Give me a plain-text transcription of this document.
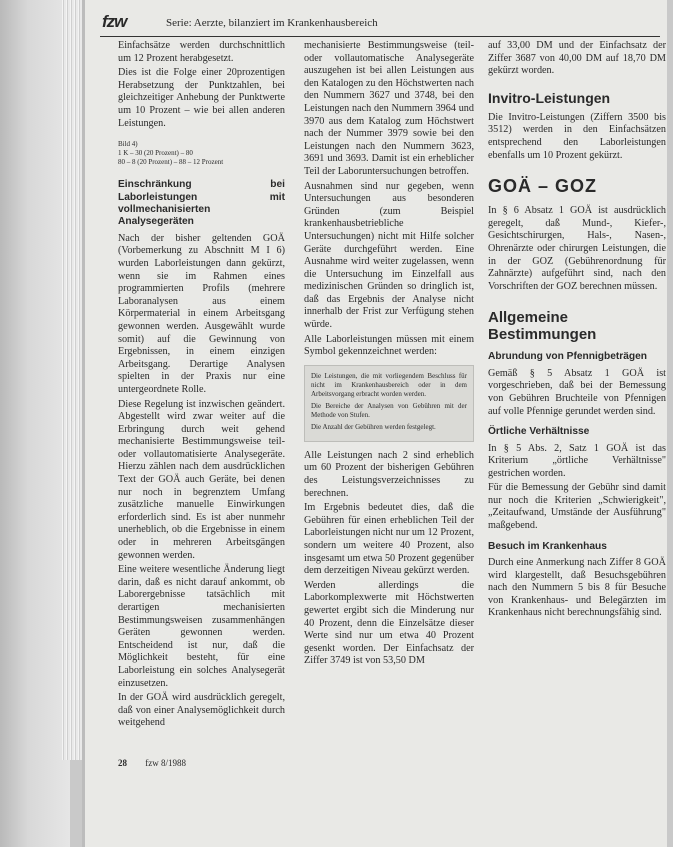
fzw	Serie: Aerzte, bilanziert im Krankenhausbereich

Einfachsätze werden durchschnittlich um 12 Prozent herabgesetzt.

Dies ist die Folge einer 20prozentigen Herabsetzung der Punktzahlen, bei gleichzeitiger Anhebung der Punktwerte um 10 Prozent – wie bei allen anderen Leistungen.

Bild 4)
1 K – 30 (20 Prozent) – 80
80 – 8 (20 Prozent) – 88 – 12 Prozent
Einschränkung bei Laborleistungen mit vollmechanisierten Analysegeräten

Nach der bisher geltenden GOÄ (Vorbemerkung zu Abschnitt M I 6) wurden Laborleistungen dann gekürzt, wenn sie im Rahmen eines programmierten Profils (mehrere Laboranalysen aus einem Körpermaterial in einem Arbeitsgang gewonnen werden. Ausgewählt wurde somit) auf die Gewinnung von Ergebnissen, in einem einzigen Arbeitsgang. Derartige Analysen spielten in der Praxis nur eine untergeordnete Rolle.

Diese Regelung ist inzwischen geändert. Abgestellt wird zwar weiter auf die Erbringung durch weit gehend mechanisierte Bestimmungsweise teil- oder vollautomatisierte Analysegeräte. Hierzu zählen nach dem ausdrücklichen Text der GOÄ auch Geräte, bei denen nur noch in begrenztem Umfang zusätzliche manuelle Einwirkungen erforderlich sind. Es ist aber nunmehr unerheblich, ob die Ergebnisse in einem oder in mehreren Arbeitsgängen gewonnen werden.

Eine weitere wesentliche Änderung liegt darin, daß es nicht darauf ankommt, ob Laborergebnisse tatsächlich mit derartigen mechanisierten Bestimmungsweisen zusammenhängen Geräten gewonnen werden. Entscheidend ist nur, daß die Möglichkeit besteht, für eine Laborleistung ein solches Analysegerät einzusetzen.

In der GOÄ wird ausdrücklich geregelt, daß von einer Analysemöglichkeit durch weitgehend

mechanisierte Bestimmungsweise (teil- oder vollautomatische Analysegeräte auszugehen ist bei allen Leistungen aus den Katalogen zu den Höchstwerten nach den Nummern 3627 und 3748, bei den Leistungen nach den Nummern 3964 und 3970 aus dem Katalog zum Höchstwert nach der Nummer 3979 sowie bei den Leistungen nach den Nummern 3623, 3691 und 3693. Damit ist ein erheblicher Teil der Laboruntersuchungen betroffen.

Ausnahmen sind nur gegeben, wenn Untersuchungen aus besonderen Gründen (zum Beispiel krankenhausbetriebliche Untersuchungen) nicht mit Hilfe solcher Geräte durchgeführt werden. Eine Ausnahme wird weiter zugelassen, wenn die Untersuchung im Einzelfall aus medizinischen Gründen so dringlich ist, daß das Ergebnis der Analyse nicht innerhalb der Frist zur Verfügung stehen würde.

Alle Laborleistungen müssen mit einem Symbol gekennzeichnet werden:

Die Leistungen, die mit vorliegendem Beschluss für nicht im Krankenhausbereich oder in dem Arbeitsvorgang erbracht worden werden.

Die Bereiche der Analysen von Gebühren mit der Methode von Stufen.

Die Anzahl der Gebühren werden festgelegt.

Alle Leistungen nach 2 sind erheblich um 60 Prozent der bisherigen Gebühren des Leistungsverzeichnisses zu berechnen.

Im Ergebnis bedeutet dies, daß die Gebühren für einen erheblichen Teil der Laborleistungen nicht nur um 12 Prozent, sondern um weitere 40 Prozent, also insgesamt um etwa 50 Prozent gegenüber dem derzeitigen Niveau gekürzt werden.

Werden allerdings die Laborkomplexwerte mit Höchstwerten gewertet ergibt sich die Minderung nur 40 Prozent, denn die Einzelsätze dieser Werte sind nur um etwa 40 Prozent gesenkt worden. Der Einfachsatz der Ziffer 3749 ist von 53,50 DM

auf 33,00 DM und der Einfachsatz der Ziffer 3687 von 40,00 DM auf 18,70 DM gekürzt worden.

Invitro-Leistungen

Die Invitro-Leistungen (Ziffern 3500 bis 3512) werden in den Einfachsätzen entsprechend den Laborleistungen ebenfalls um 10 Prozent gekürzt.

GOÄ – GOZ

In § 6 Absatz 1 GOÄ ist ausdrücklich geregelt, daß Mund-, Kiefer-, Gesichtschirurgen, Hals-, Nasen-, Ohrenärzte oder chirurgen Leistungen, die in der GOZ (Gebührenordnung für Zahnärzte) aufgeführt sind, nach den Vorschriften der GOZ berechnen müssen.

Allgemeine Bestimmungen
Abrundung von Pfennigbeträgen

Gemäß § 5 Absatz 1 GOÄ ist vorgeschrieben, daß bei der Bemessung von Gebühren Bruchteile von Pfennigen auf volle Pfennige gerundet werden sind.

Örtliche Verhältnisse

In § 5 Abs. 2, Satz 1 GOÄ ist das Kriterium „örtliche Verhältnisse" gestrichen worden.

Für die Bemessung der Gebühr sind damit nur noch die Kriterien „Schwierigkeit", „Zeitaufwand, Umstände der Ausführung" maßgebend.

Besuch im Krankenhaus

Durch eine Anmerkung nach Ziffer 8 GOÄ wird klargestellt, daß Besuchsgebühren nach den Nummern 5 bis 8 für Besuche von Krankenhaus- und Belegärzten im Krankenhaus nicht berechnungsfähig sind.

28 fzw 8/1988
